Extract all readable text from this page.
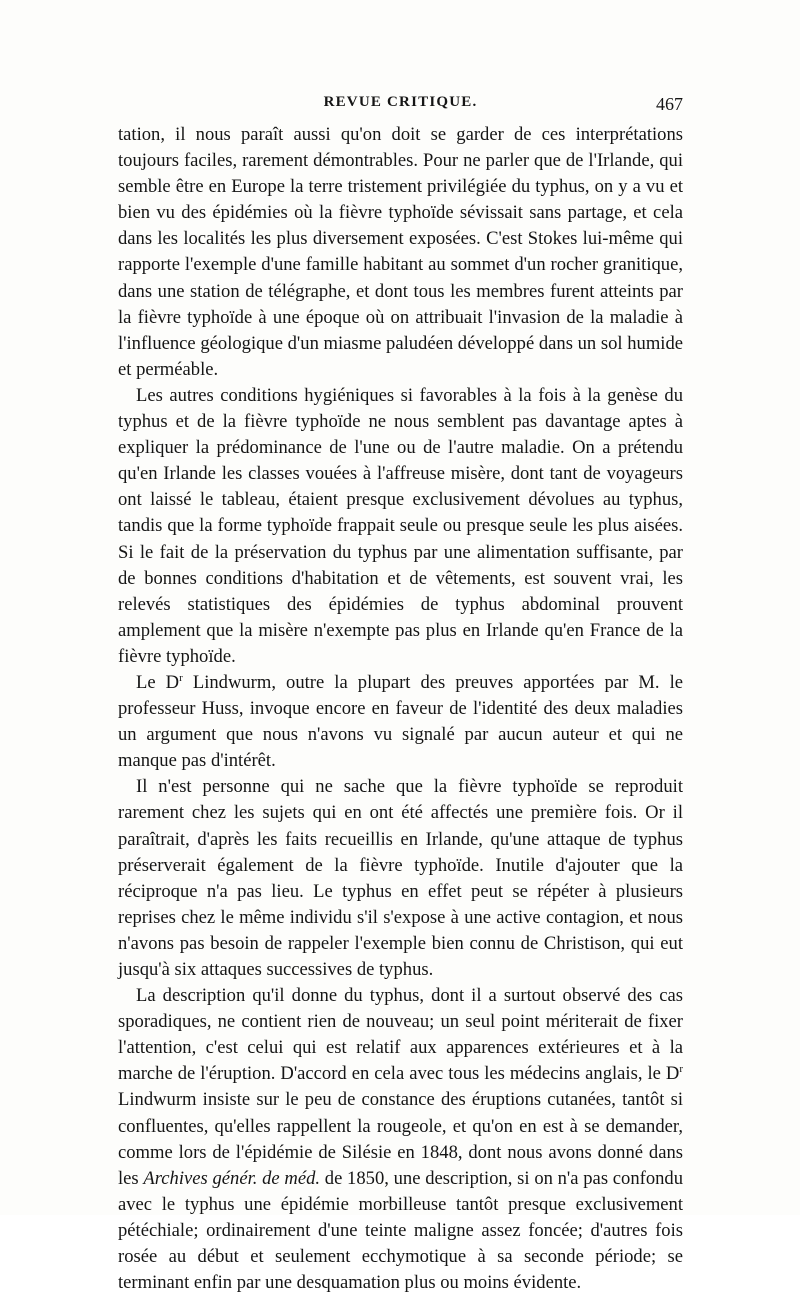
REVUE CRITIQUE.	467

tation, il nous paraît aussi qu'on doit se garder de ces interprétations toujours faciles, rarement démontrables. Pour ne parler que de l'Irlande, qui semble être en Europe la terre tristement privilégiée du typhus, on y a vu et bien vu des épidémies où la fièvre typhoïde sévissait sans partage, et cela dans les localités les plus diversement exposées. C'est Stokes lui-même qui rapporte l'exemple d'une famille habitant au sommet d'un rocher granitique, dans une station de télégraphe, et dont tous les membres furent atteints par la fièvre typhoïde à une époque où on attribuait l'invasion de la maladie à l'influence géologique d'un miasme paludéen développé dans un sol humide et perméable.

Les autres conditions hygiéniques si favorables à la fois à la genèse du typhus et de la fièvre typhoïde ne nous semblent pas davantage aptes à expliquer la prédominance de l'une ou de l'autre maladie. On a prétendu qu'en Irlande les classes vouées à l'affreuse misère, dont tant de voyageurs ont laissé le tableau, étaient presque exclusivement dévolues au typhus, tandis que la forme typhoïde frappait seule ou presque seule les plus aisées. Si le fait de la préservation du typhus par une alimentation suffisante, par de bonnes conditions d'habitation et de vêtements, est souvent vrai, les relevés statistiques des épidémies de typhus abdominal prouvent amplement que la misère n'exempte pas plus en Irlande qu'en France de la fièvre typhoïde.

Le $D^r$ Lindwurm, outre la plupart des preuves apportées par M. le professeur Huss, invoque encore en faveur de l'identité des deux maladies un argument que nous n'avons vu signalé par aucun auteur et qui ne manque pas d'intérêt.

Il n'est personne qui ne sache que la fièvre typhoïde se reproduit rarement chez les sujets qui en ont été affectés une première fois. Or il paraîtrait, d'après les faits recueillis en Irlande, qu'une attaque de typhus préserverait également de la fièvre typhoïde. Inutile d'ajouter que la réciproque n'a pas lieu. Le typhus en effet peut se répéter à plusieurs reprises chez le même individu s'il s'expose à une active contagion, et nous n'avons pas besoin de rappeler l'exemple bien connu de Christison, qui eut jusqu'à six attaques successives de typhus.

La description qu'il donne du typhus, dont il a surtout observé des cas sporadiques, ne contient rien de nouveau; un seul point mériterait de fixer l'attention, c'est celui qui est relatif aux apparences extérieures et à la marche de l'éruption. D'accord en cela avec tous les médecins anglais, le $D^r$ Lindwurm insiste sur le peu de constance des éruptions cutanées, tantôt si confluentes, qu'elles rappellent la rougeole, et qu'on en est à se demander, comme lors de l'épidémie de Silésie en 1848, dont nous avons donné dans les Archives génér. de méd. de 1850, une description, si on n'a pas confondu avec le typhus une épidémie morbilleuse tantôt presque exclusivement pétéchiale; ordinairement d'une teinte maligne assez foncée; d'autres fois rosée au début et seulement ecchymotique à sa seconde période; se terminant enfin par une desquamation plus ou moins évidente.
